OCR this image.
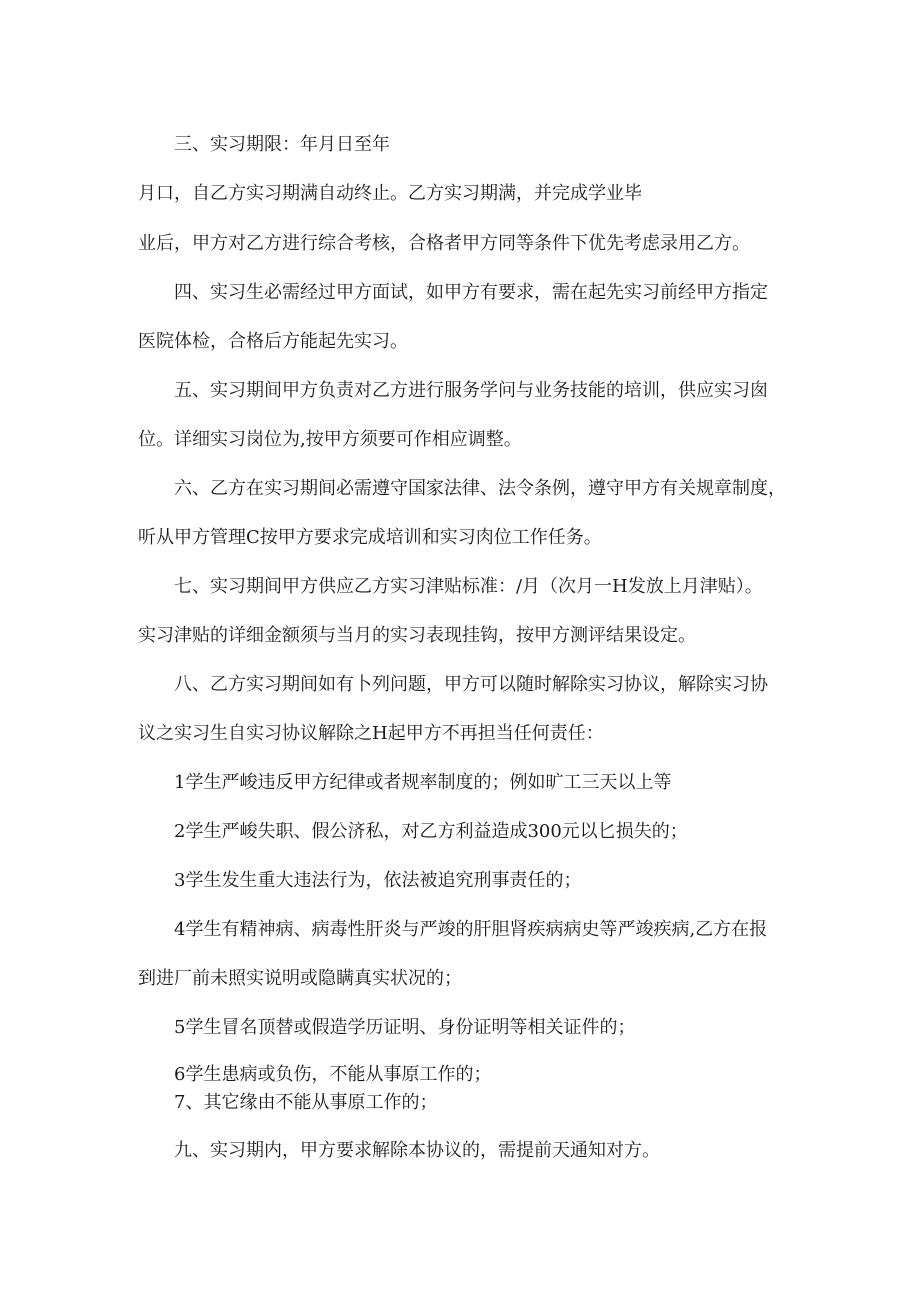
三、实习期限：年月日至年

月口，自乙方实习期满自动终止。乙方实习期满，并完成学业毕

业后，甲方对乙方进行综合考核，合格者甲方同等条件下优先考虑录用乙方。

四、实习生必需经过甲方面试，如甲方有要求，需在起先实习前经甲方指定

医院体检，合格后方能起先实习。

五、实习期间甲方负责对乙方进行服务学问与业务技能的培训，供应实习囱

位。详细实习岗位为,按甲方须要可作相应调整。

六、乙方在实习期间必需遵守国家法律、法令条例，遵守甲方有关规章制度，

听从甲方管理C按甲方要求完成培训和实习肉位工作任务。

七、实习期间甲方供应乙方实习津贴标准：/月（次月一H发放上月津贴）。

实习津贴的详细金额须与当月的实习表现挂钩，按甲方测评结果设定。

八、乙方实习期间如有卜列问题，甲方可以随时解除实习协议，解除实习协

议之实习生自实习协议解除之H起甲方不再担当任何责任：

1学生严峻违反甲方纪律或者规率制度的；例如旷工三天以上等

2学生严峻失职、假公济私，对乙方利益造成300元以匕损失的；

3学生发生重大违法行为，依法被追究刑事责任的；

4学生有精神病、病毒性肝炎与严竣的肝胆肾疾病病史等严竣疾病,乙方在报

到进厂前未照实说明或隐瞒真实状况的；

5学生冒名顶替或假造学历证明、身份证明等相关证件的；

6学生患病或负伤，不能从事原工作的；

7、其它缘由不能从事原工作的；

九、实习期内，甲方要求解除本协议的，需提前天通知对方。
